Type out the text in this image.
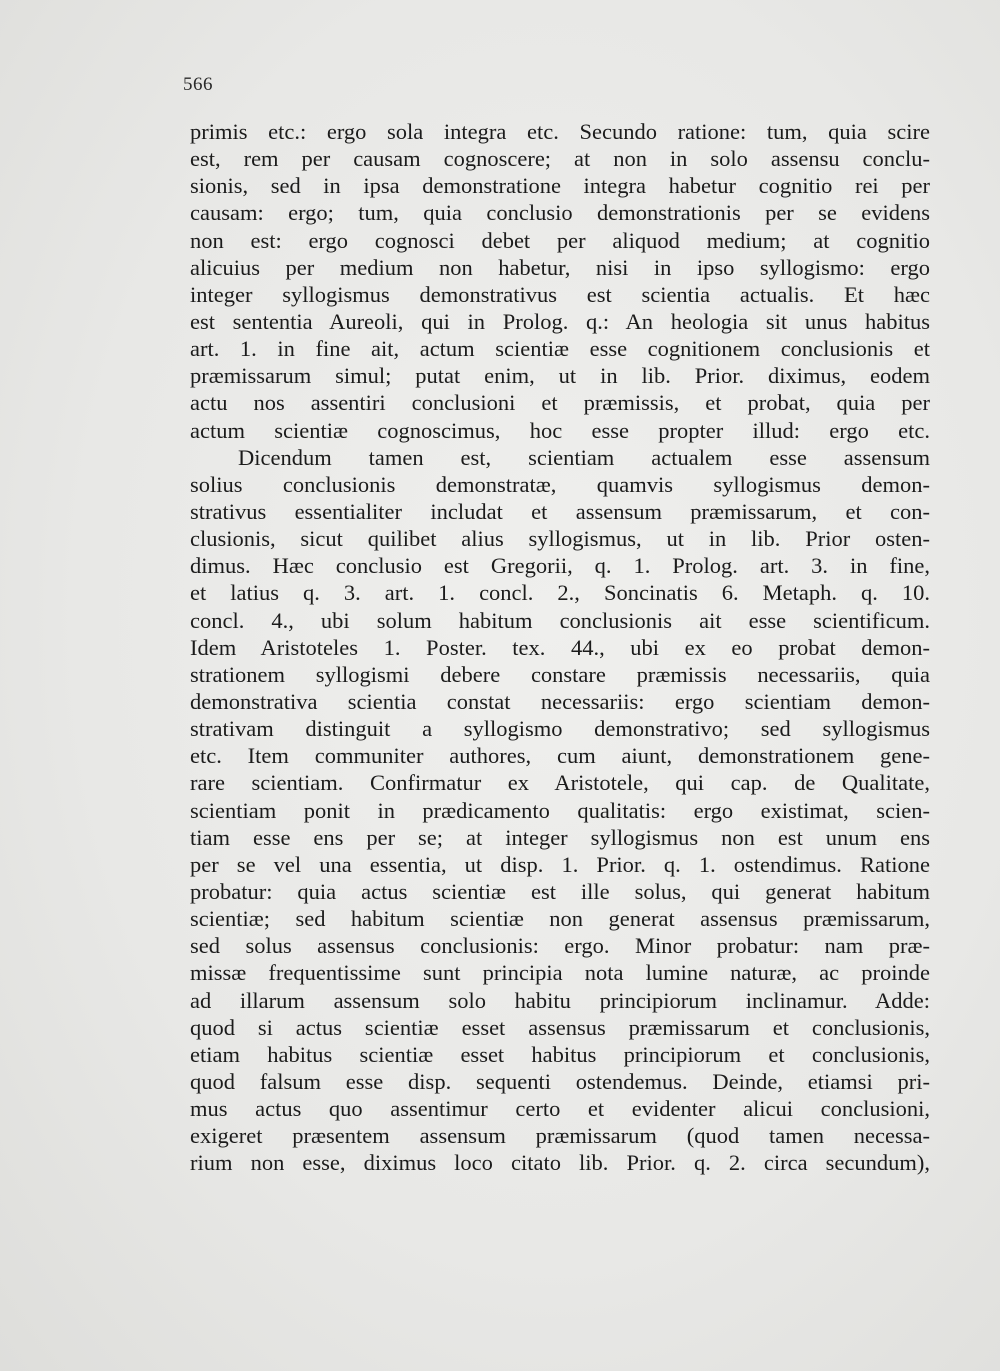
566
primis etc.: ergo sola integra etc. Secundo ratione: tum, quia scire
est, rem per causam cognoscere; at non in solo assensu conclu-
sionis, sed in ipsa demonstratione integra habetur cognitio rei per
causam: ergo; tum, quia conclusio demonstrationis per se evidens
non est: ergo cognosci debet per aliquod medium; at cognitio
alicuius per medium non habetur, nisi in ipso syllogismo: ergo
integer syllogismus demonstrativus est scientia actualis. Et hæc
est sententia Aureoli, qui in Prolog. q.: An heologia sit unus habitus
art. 1. in fine ait, actum scientiæ esse cognitionem conclusionis et
præmissarum simul; putat enim, ut in lib. Prior. diximus, eodem
actu nos assentiri conclusioni et præmissis, et probat, quia per
actum scientiæ cognoscimus, hoc esse propter illud: ergo etc.
Dicendum tamen est, scientiam actualem esse assensum
solius conclusionis demonstratæ, quamvis syllogismus demon-
strativus essentialiter includat et assensum præmissarum, et con-
clusionis, sicut quilibet alius syllogismus, ut in lib. Prior osten-
dimus. Hæc conclusio est Gregorii, q. 1. Prolog. art. 3. in fine,
et latius q. 3. art. 1. concl. 2., Soncinatis 6. Metaph. q. 10.
concl. 4., ubi solum habitum conclusionis ait esse scientificum.
Idem Aristoteles 1. Poster. tex. 44., ubi ex eo probat demon-
strationem syllogismi debere constare præmissis necessariis, quia
demonstrativa scientia constat necessariis: ergo scientiam demon-
strativam distinguit a syllogismo demonstrativo; sed syllogismus
etc. Item communiter authores, cum aiunt, demonstrationem gene-
rare scientiam. Confirmatur ex Aristotele, qui cap. de Qualitate,
scientiam ponit in prædicamento qualitatis: ergo existimat, scien-
tiam esse ens per se; at integer syllogismus non est unum ens
per se vel una essentia, ut disp. 1. Prior. q. 1. ostendimus. Ratione
probatur: quia actus scientiæ est ille solus, qui generat habitum
scientiæ; sed habitum scientiæ non generat assensus præmissarum,
sed solus assensus conclusionis: ergo. Minor probatur: nam præ-
missæ frequentissime sunt principia nota lumine naturæ, ac proinde
ad illarum assensum solo habitu principiorum inclinamur. Adde:
quod si actus scientiæ esset assensus præmissarum et conclusionis,
etiam habitus scientiæ esset habitus principiorum et conclusionis,
quod falsum esse disp. sequenti ostendemus. Deinde, etiamsi pri-
mus actus quo assentimur certo et evidenter alicui conclusioni,
exigeret præsentem assensum præmissarum (quod tamen necessa-
rium non esse, diximus loco citato lib. Prior. q. 2. circa secundum),
